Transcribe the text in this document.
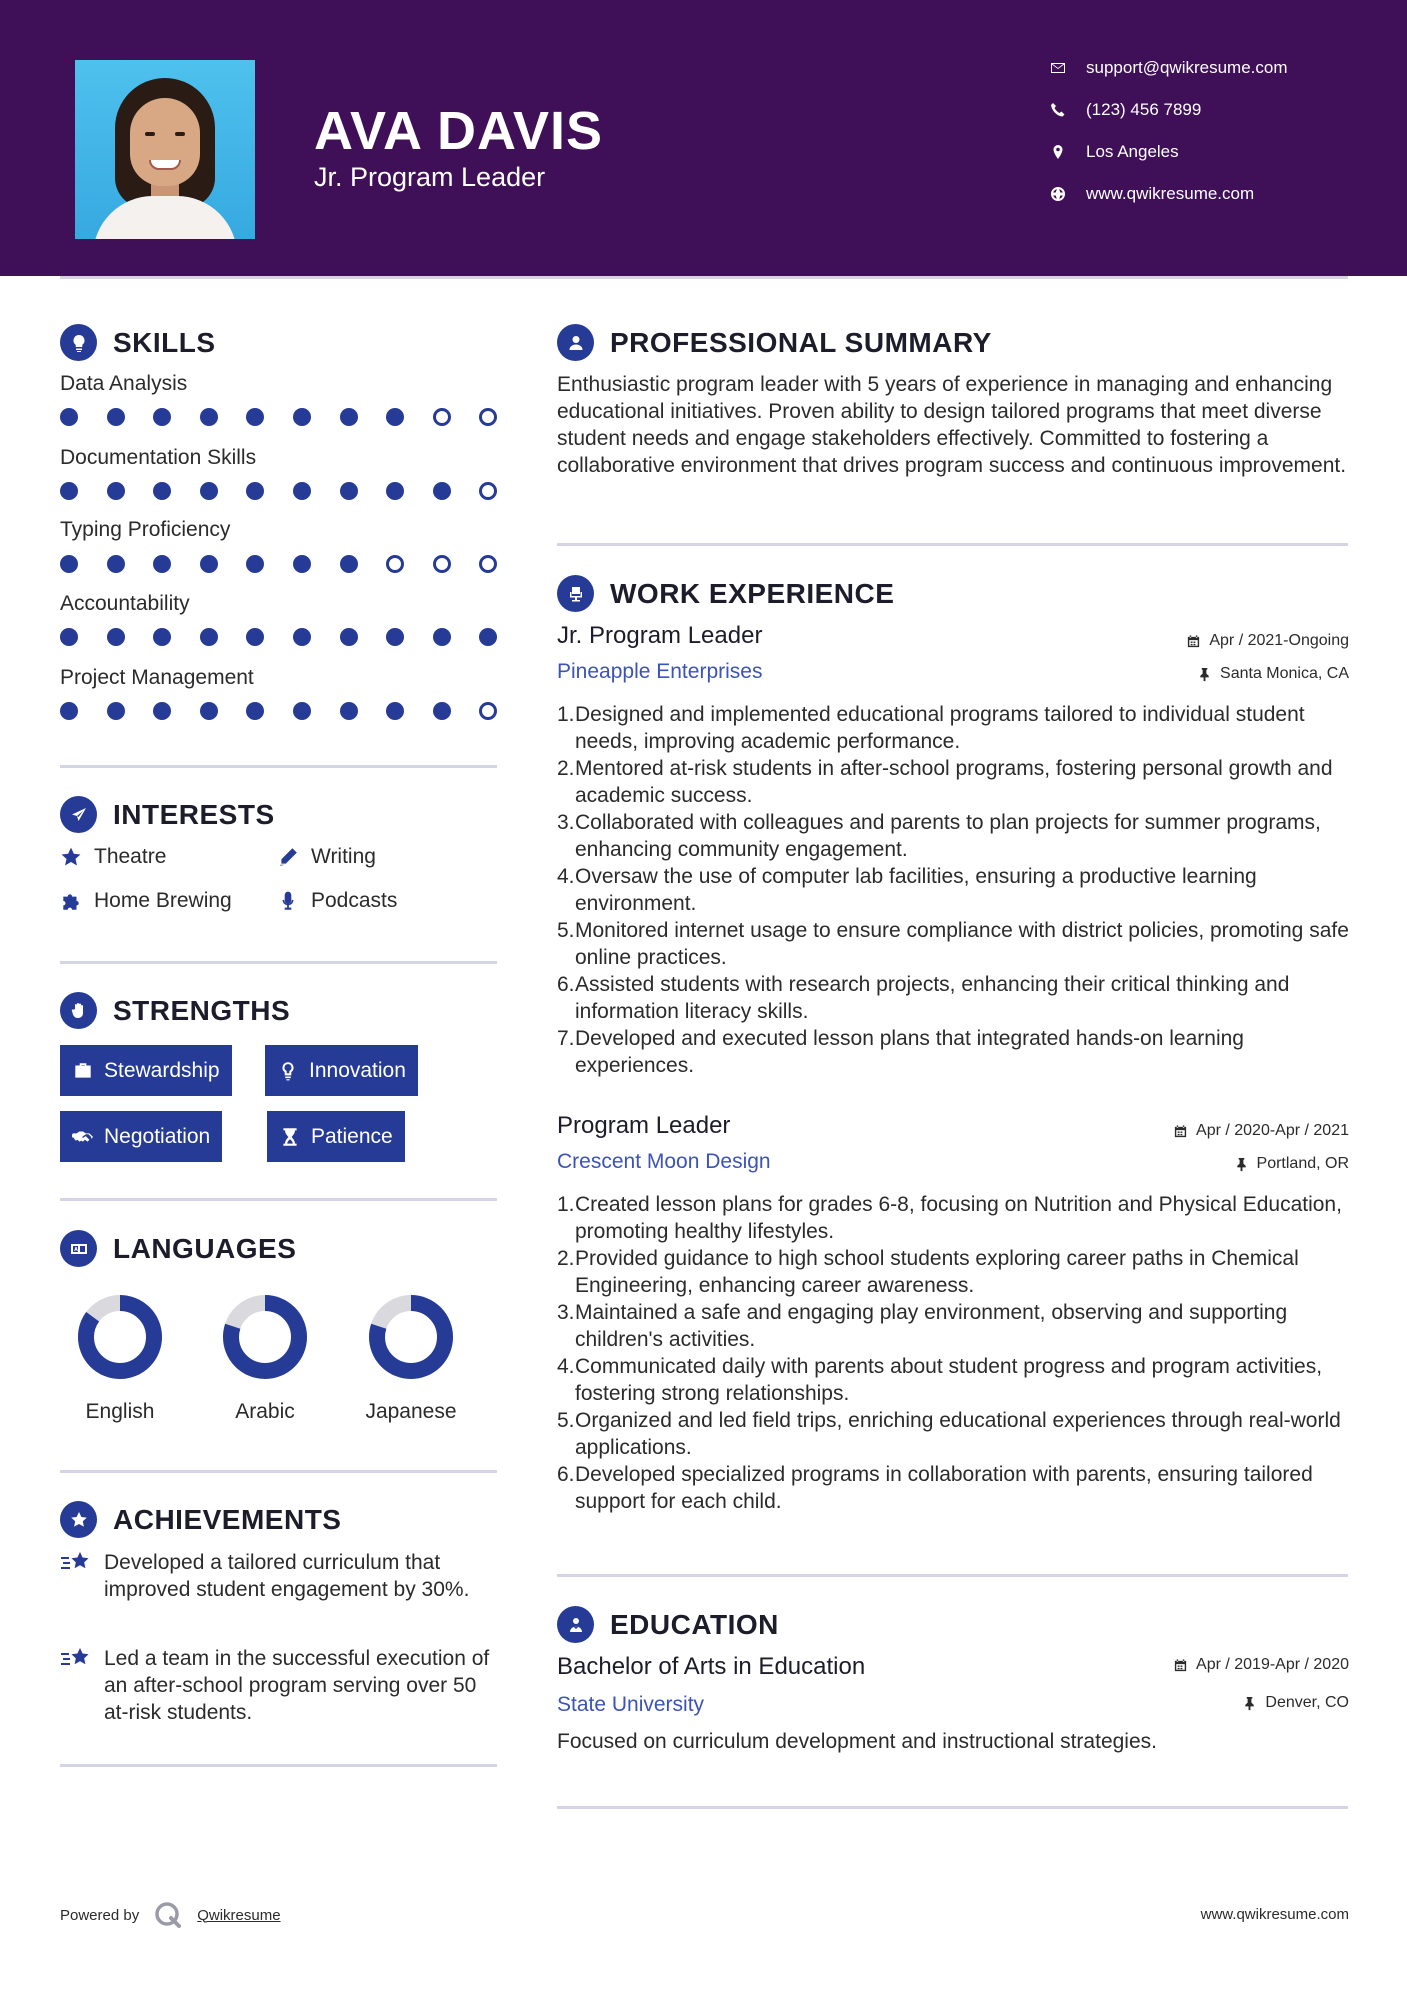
AVA DAVIS
Jr. Program Leader
support@qwikresume.com
(123) 456 7899
Los Angeles
www.qwikresume.com
SKILLS
Data Analysis
Documentation Skills
Typing Proficiency
Accountability
Project Management
INTERESTS
Theatre	Writing
Home Brewing	Podcasts
STRENGTHS
Stewardship	Innovation
Negotiation	Patience
LANGUAGES
English	Arabic	Japanese
ACHIEVEMENTS
Developed a tailored curriculum that improved student engagement by 30%.
Led a team in the successful execution of an after-school program serving over 50 at-risk students.
PROFESSIONAL SUMMARY
Enthusiastic program leader with 5 years of experience in managing and enhancing educational initiatives. Proven ability to design tailored programs that meet diverse student needs and engage stakeholders effectively. Committed to fostering a collaborative environment that drives program success and continuous improvement.
WORK EXPERIENCE
Jr. Program Leader	Apr / 2021-Ongoing
Pineapple Enterprises	Santa Monica, CA
1. Designed and implemented educational programs tailored to individual student needs, improving academic performance.
2. Mentored at-risk students in after-school programs, fostering personal growth and academic success.
3. Collaborated with colleagues and parents to plan projects for summer programs, enhancing community engagement.
4. Oversaw the use of computer lab facilities, ensuring a productive learning environment.
5. Monitored internet usage to ensure compliance with district policies, promoting safe online practices.
6. Assisted students with research projects, enhancing their critical thinking and information literacy skills.
7. Developed and executed lesson plans that integrated hands-on learning experiences.
Program Leader	Apr / 2020-Apr / 2021
Crescent Moon Design	Portland, OR
1. Created lesson plans for grades 6-8, focusing on Nutrition and Physical Education, promoting healthy lifestyles.
2. Provided guidance to high school students exploring career paths in Chemical Engineering, enhancing career awareness.
3. Maintained a safe and engaging play environment, observing and supporting children's activities.
4. Communicated daily with parents about student progress and program activities, fostering strong relationships.
5. Organized and led field trips, enriching educational experiences through real-world applications.
6. Developed specialized programs in collaboration with parents, ensuring tailored support for each child.
EDUCATION
Bachelor of Arts in Education	Apr / 2019-Apr / 2020
State University	Denver, CO
Focused on curriculum development and instructional strategies.
Powered by	Qwikresume	www.qwikresume.com
